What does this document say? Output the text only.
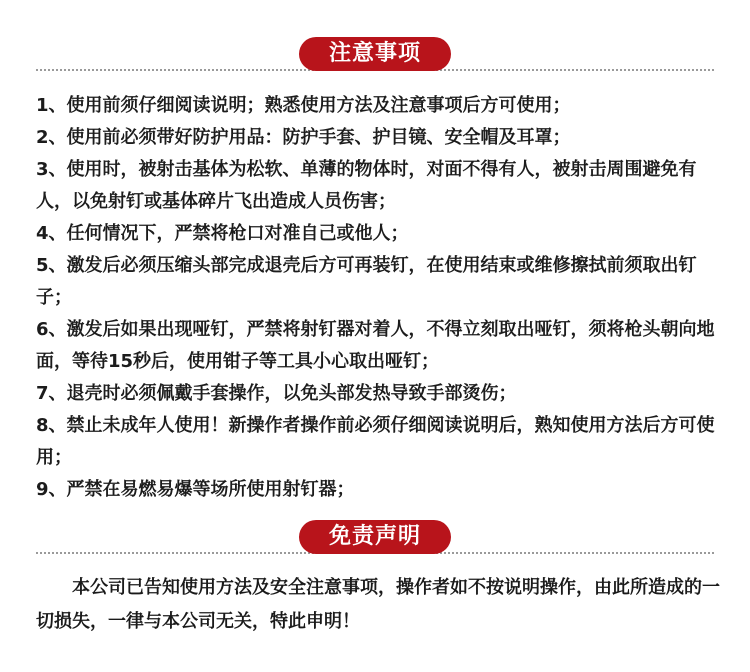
注意事项
1、使用前须仔细阅读说明；熟悉使用方法及注意事项后方可使用；
2、使用前必须带好防护用品：防护手套、护目镜、安全帽及耳罩；
3、使用时，被射击基体为松软、单薄的物体时，对面不得有人，被射击周围避免有人，以免射钉或基体碎片飞出造成人员伤害；
4、任何情况下，严禁将枪口对准自己或他人；
5、激发后必须压缩头部完成退壳后方可再装钉，在使用结束或维修擦拭前须取出钉子；
6、激发后如果出现哑钉，严禁将射钉器对着人，不得立刻取出哑钉，须将枪头朝向地面，等待15秒后，使用钳子等工具小心取出哑钉；
7、退壳时必须佩戴手套操作，以免头部发热导致手部烫伤；
8、禁止未成年人使用！新操作者操作前必须仔细阅读说明后，熟知使用方法后方可使用；
9、严禁在易燃易爆等场所使用射钉器；
免责声明

本公司已告知使用方法及安全注意事项，操作者如不按说明操作，由此所造成的一切损失，一律与本公司无关，特此申明！
